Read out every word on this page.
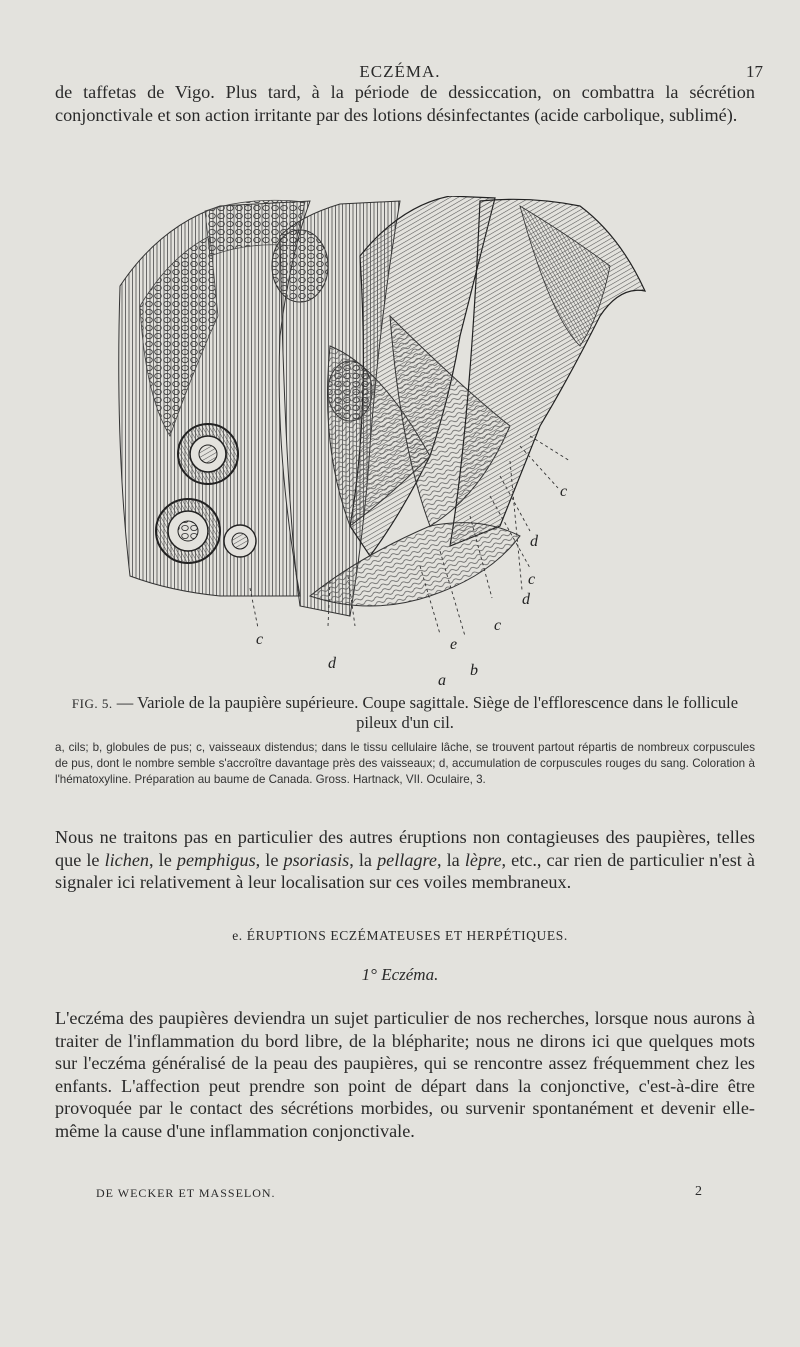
ECZÉMA.	17

de taffetas de Vigo. Plus tard, à la période de dessiccation, on combattra la sécrétion conjonctivale et son action irritante par des lotions désinfectantes (acide carbolique, sublimé).

c
d
c
d
c
e
b
a
d
c
FIG. 5. — Variole de la paupière supérieure. Coupe sagittale. Siège de l'efflorescence dans le follicule pileux d'un cil.

a, cils; b, globules de pus; c, vaisseaux distendus; dans le tissu cellulaire lâche, se trouvent partout répartis de nombreux corpuscules de pus, dont le nombre semble s'accroître davantage près des vaisseaux; d, accumulation de corpuscules rouges du sang. Coloration à l'hématoxyline. Préparation au baume de Canada. Gross. Hartnack, VII. Oculaire, 3.

Nous ne traitons pas en particulier des autres éruptions non contagieuses des paupières, telles que le lichen, le pemphigus, le psoriasis, la pellagre, la lèpre, etc., car rien de particulier n'est à signaler ici relativement à leur localisation sur ces voiles membraneux.

e. ÉRUPTIONS ECZÉMATEUSES ET HERPÉTIQUES.
1° Eczéma.

L'eczéma des paupières deviendra un sujet particulier de nos recherches, lorsque nous aurons à traiter de l'inflammation du bord libre, de la blépharite; nous ne dirons ici que quelques mots sur l'eczéma généralisé de la peau des paupières, qui se rencontre assez fréquemment chez les enfants. L'affection peut prendre son point de départ dans la conjonctive, c'est-à-dire être provoquée par le contact des sécrétions morbides, ou survenir spontanément et devenir elle-même la cause d'une inflammation conjonctivale.

DE WECKER ET MASSELON.	2
